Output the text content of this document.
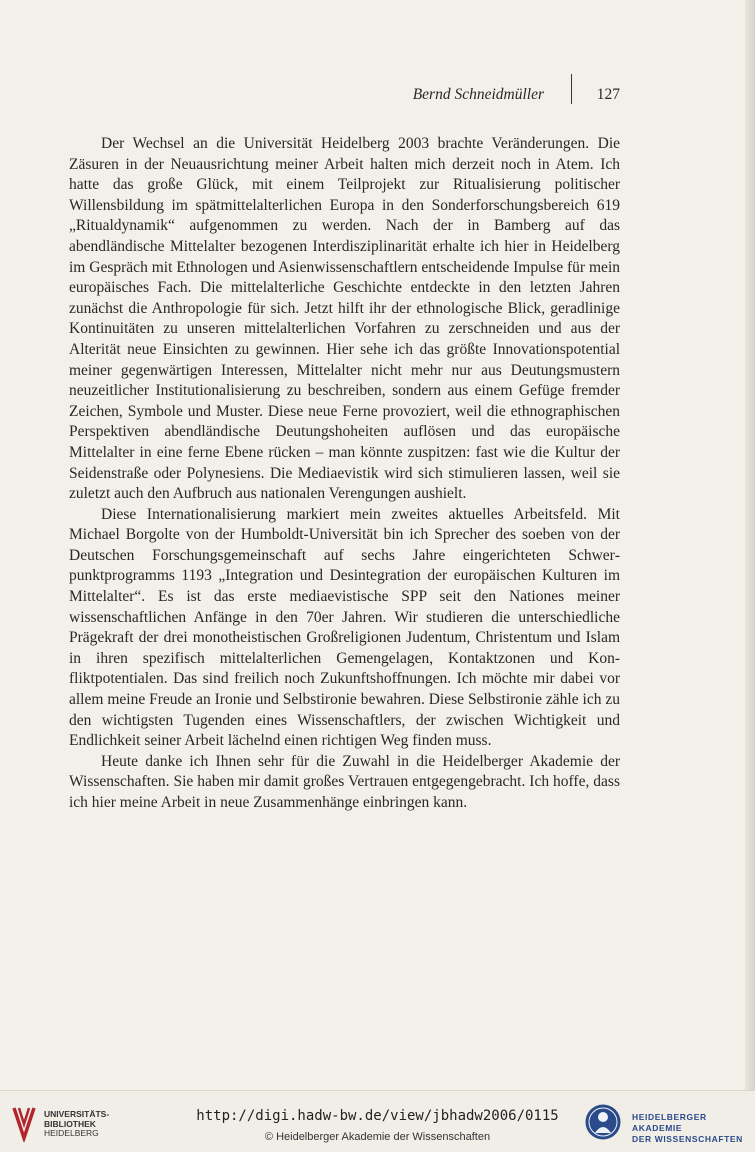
Bernd Schneidmüller	127

Der Wechsel an die Universität Heidelberg 2003 brachte Veränderungen. Die Zäsuren in der Neuausrichtung meiner Arbeit halten mich derzeit noch in Atem. Ich hatte das große Glück, mit einem Teilprojekt zur Ritualisierung politischer Willensbildung im spätmittelalterlichen Europa in den Sonderforschungsbereich 619 „Ritualdynamik“ aufgenommen zu werden. Nach der in Bamberg auf das abendländische Mittelalter bezogenen Interdisziplinarität erhalte ich hier in Heidelberg im Gespräch mit Ethnologen und Asienwissenschaftlern entscheidende Impulse für mein europäisches Fach. Die mittelalterliche Geschichte entdeckte in den letzten Jahren zunächst die Anthropologie für sich. Jetzt hilft ihr der ethnologische Blick, geradlinige Kontinuitäten zu unseren mittelalterlichen Vorfahren zu zerschneiden und aus der Alterität neue Einsichten zu gewinnen. Hier sehe ich das größte Innovationspotential meiner gegenwärtigen Interessen, Mittelalter nicht mehr nur aus Deutungsmustern neuzeitlicher Institutionalisierung zu beschreiben, sondern aus einem Gefüge fremder Zeichen, Symbole und Muster. Diese neue Ferne provoziert, weil die ethnographischen Perspektiven abendländische Deutungshoheiten auflösen und das europäische Mittelalter in eine ferne Ebene rücken – man könnte zuspitzen: fast wie die Kultur der Seidenstraße oder Polynesiens. Die Mediaevistik wird sich stimulieren lassen, weil sie zuletzt auch den Aufbruch aus nationalen Verengungen aushielt.

Diese Internationalisierung markiert mein zweites aktuelles Arbeitsfeld. Mit Michael Borgolte von der Humboldt-Universität bin ich Sprecher des soeben von der Deutschen Forschungsgemeinschaft auf sechs Jahre eingerichteten Schwerpunktprogramms 1193 „Integration und Desintegration der europäischen Kulturen im Mittelalter“. Es ist das erste mediaevistische SPP seit den Nationes meiner wissenschaftlichen Anfänge in den 70er Jahren. Wir studieren die unterschiedliche Prägekraft der drei monotheistischen Großreligionen Judentum, Christentum und Islam in ihren spezifisch mittelalterlichen Gemengelagen, Kontaktzonen und Konfliktpotentialen. Das sind freilich noch Zukunftshoffnungen. Ich möchte mir dabei vor allem meine Freude an Ironie und Selbstironie bewahren. Diese Selbstironie zähle ich zu den wichtigsten Tugenden eines Wissenschaftlers, der zwischen Wichtigkeit und Endlichkeit seiner Arbeit lächelnd einen richtigen Weg finden muss.

Heute danke ich Ihnen sehr für die Zuwahl in die Heidelberger Akademie der Wissenschaften. Sie haben mir damit großes Vertrauen entgegengebracht. Ich hoffe, dass ich hier meine Arbeit in neue Zusammenhänge einbringen kann.

UNIVERSITÄTS-
BIBLIOTHEK
HEIDELBERG
http://digi.hadw-bw.de/view/jbhadw2006/0115
© Heidelberger Akademie der Wissenschaften
HEIDELBERGER AKADEMIE
DER WISSENSCHAFTEN
